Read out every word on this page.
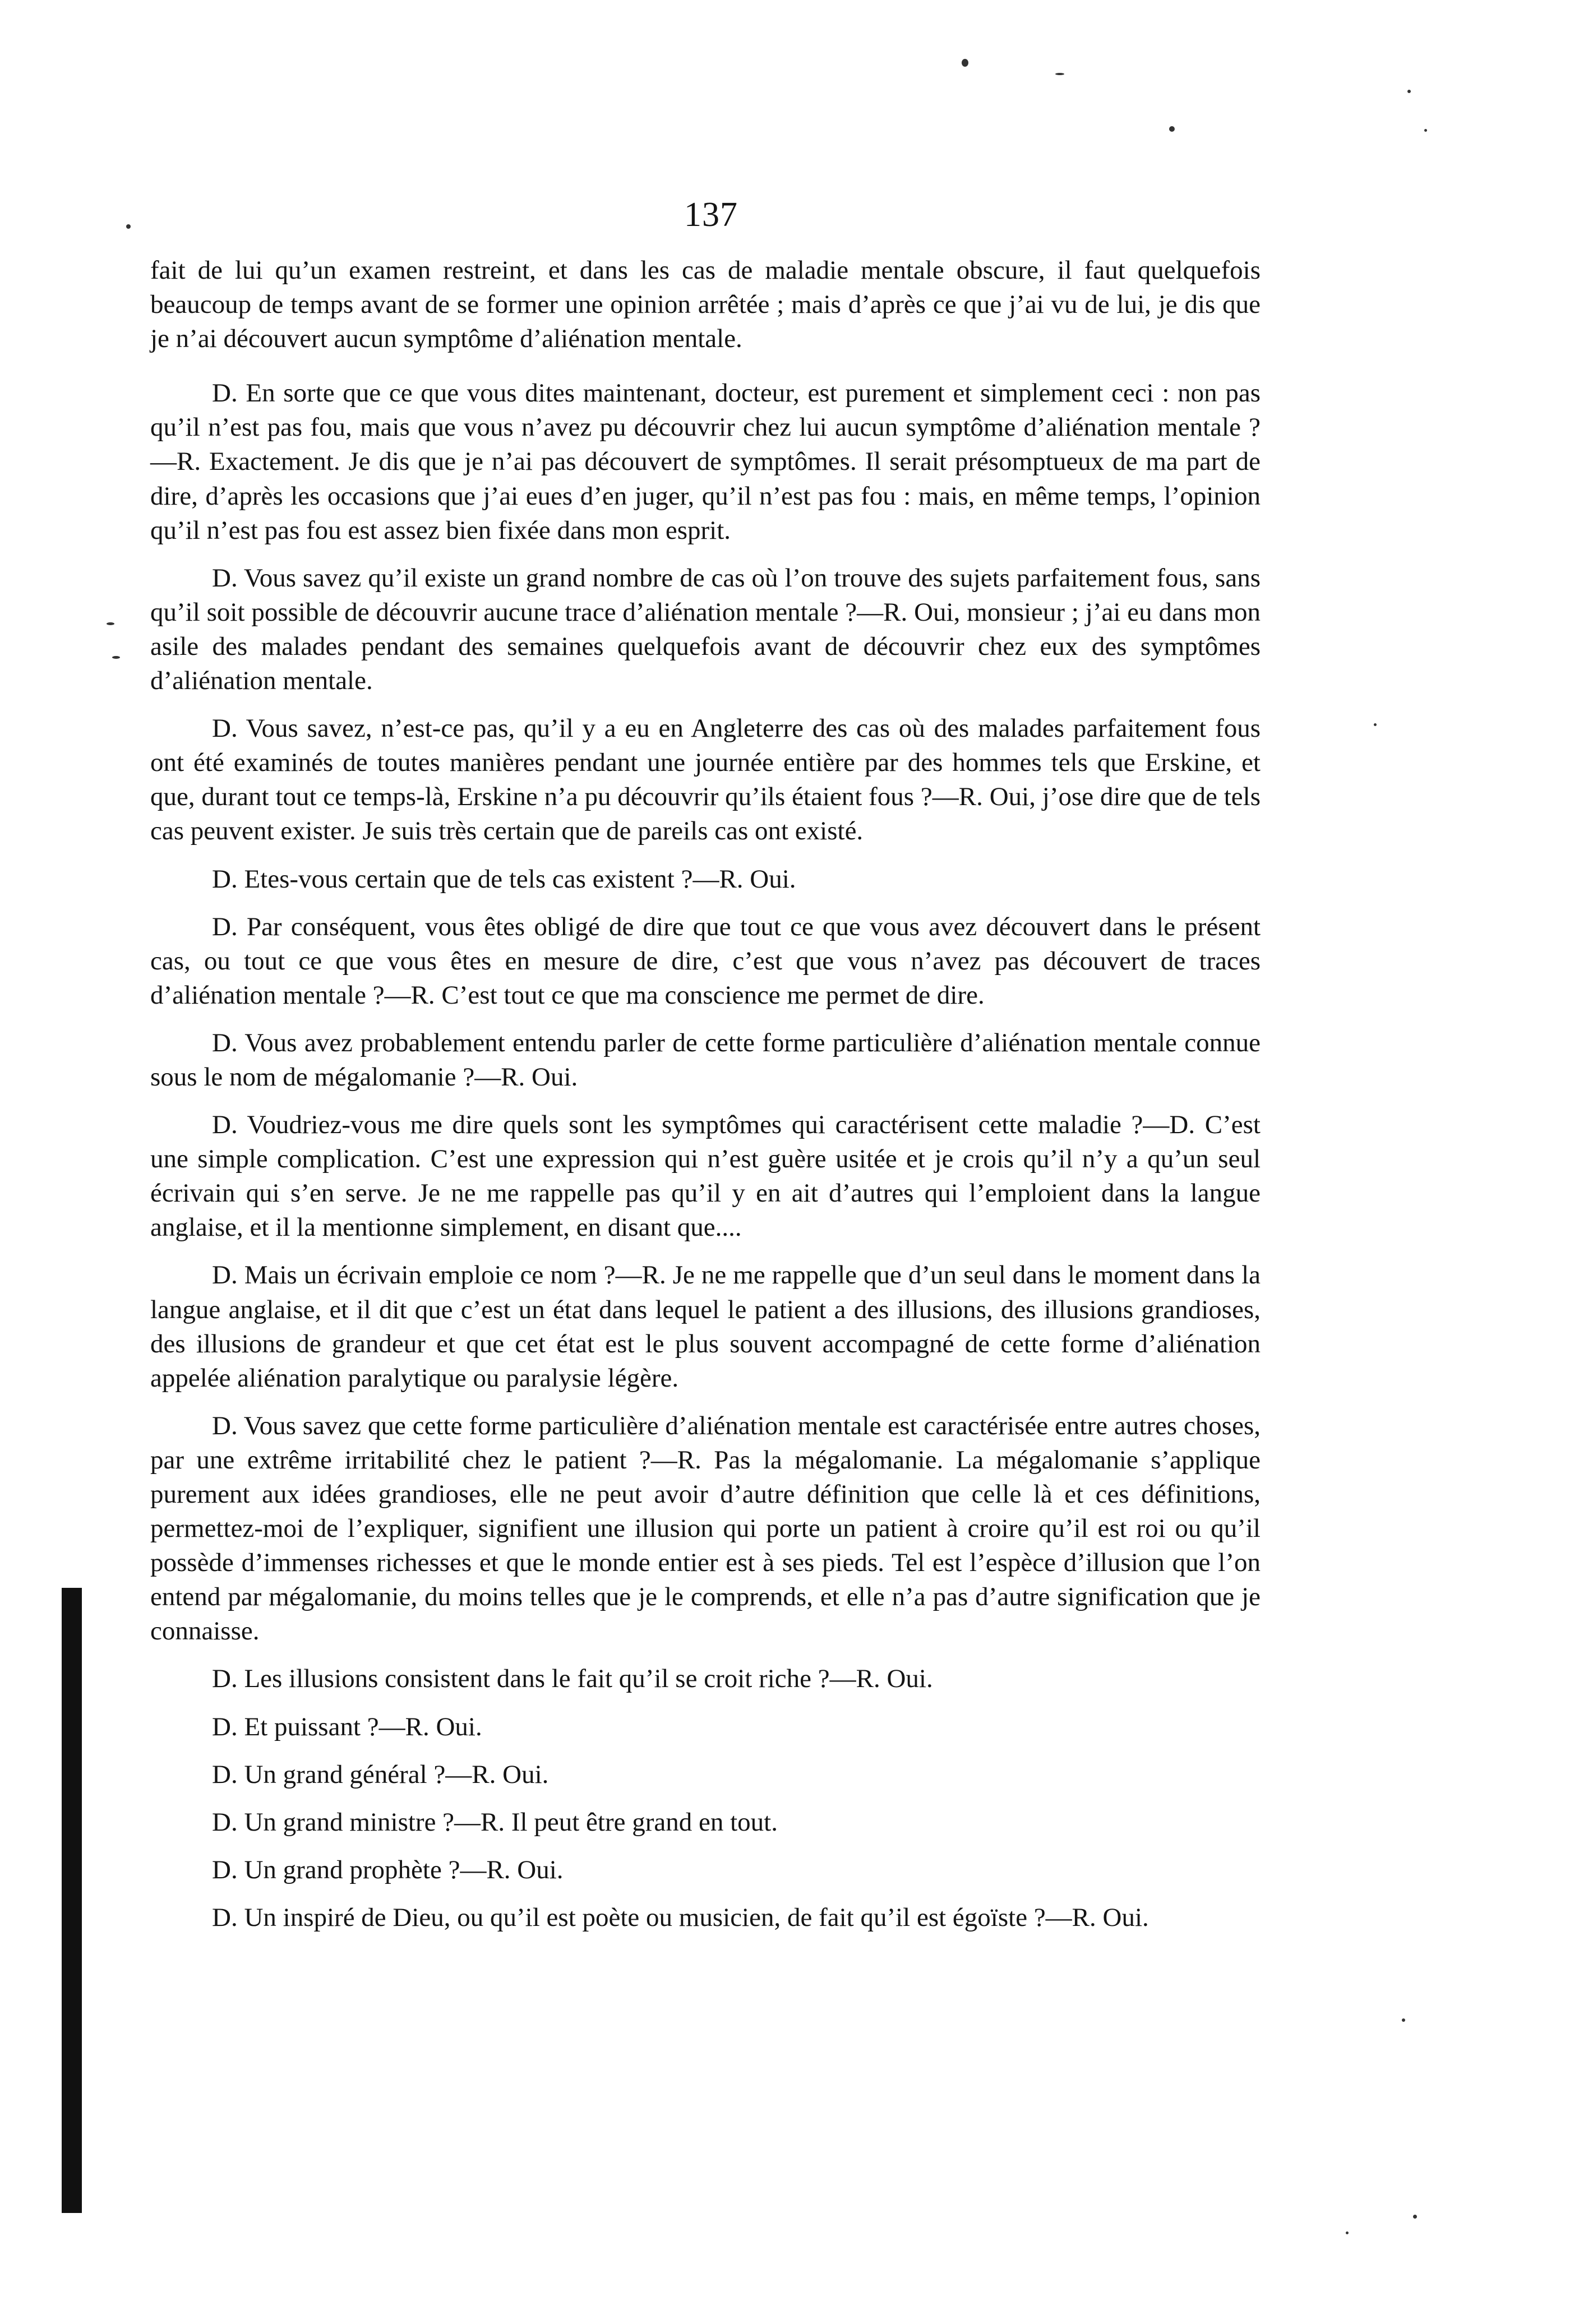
137

fait de lui qu’un examen restreint, et dans les cas de maladie mentale obscure, il faut quelquefois beaucoup de temps avant de se former une opinion arrêtée ; mais d’après ce que j’ai vu de lui, je dis que je n’ai découvert aucun symptôme d’aliénation mentale.

D. En sorte que ce que vous dites maintenant, docteur, est purement et simplement ceci : non pas qu’il n’est pas fou, mais que vous n’avez pu découvrir chez lui aucun symptôme d’aliénation mentale ?—R. Exactement. Je dis que je n’ai pas découvert de symptômes. Il serait présomptueux de ma part de dire, d’après les occasions que j’ai eues d’en juger, qu’il n’est pas fou : mais, en même temps, l’opinion qu’il n’est pas fou est assez bien fixée dans mon esprit.

D. Vous savez qu’il existe un grand nombre de cas où l’on trouve des sujets parfaitement fous, sans qu’il soit possible de découvrir aucune trace d’aliénation mentale ?—R. Oui, monsieur ; j’ai eu dans mon asile des malades pendant des semaines quelquefois avant de découvrir chez eux des symptômes d’aliénation mentale.

D. Vous savez, n’est-ce pas, qu’il y a eu en Angleterre des cas où des malades parfaitement fous ont été examinés de toutes manières pendant une journée entière par des hommes tels que Erskine, et que, durant tout ce temps-là, Erskine n’a pu découvrir qu’ils étaient fous ?—R. Oui, j’ose dire que de tels cas peuvent exister. Je suis très certain que de pareils cas ont existé.

D. Etes-vous certain que de tels cas existent ?—R. Oui.

D. Par conséquent, vous êtes obligé de dire que tout ce que vous avez découvert dans le présent cas, ou tout ce que vous êtes en mesure de dire, c’est que vous n’avez pas découvert de traces d’aliénation mentale ?—R. C’est tout ce que ma conscience me permet de dire.

D. Vous avez probablement entendu parler de cette forme particulière d’aliénation mentale connue sous le nom de mégalomanie ?—R. Oui.

D. Voudriez-vous me dire quels sont les symptômes qui caractérisent cette maladie ?—D. C’est une simple complication. C’est une expression qui n’est guère usitée et je crois qu’il n’y a qu’un seul écrivain qui s’en serve. Je ne me rappelle pas qu’il y en ait d’autres qui l’emploient dans la langue anglaise, et il la mentionne simplement, en disant que....

D. Mais un écrivain emploie ce nom ?—R. Je ne me rappelle que d’un seul dans le moment dans la langue anglaise, et il dit que c’est un état dans lequel le patient a des illusions, des illusions grandioses, des illusions de grandeur et que cet état est le plus souvent accompagné de cette forme d’aliénation appelée aliénation paralytique ou paralysie légère.

D. Vous savez que cette forme particulière d’aliénation mentale est caractérisée entre autres choses, par une extrême irritabilité chez le patient ?—R. Pas la mégalomanie. La mégalomanie s’applique purement aux idées grandioses, elle ne peut avoir d’autre définition que celle là et ces définitions, permettez-moi de l’expliquer, signifient une illusion qui porte un patient à croire qu’il est roi ou qu’il possède d’immenses richesses et que le monde entier est à ses pieds. Tel est l’espèce d’illusion que l’on entend par mégalomanie, du moins telles que je le comprends, et elle n’a pas d’autre signification que je connaisse.

D. Les illusions consistent dans le fait qu’il se croit riche ?—R. Oui.

D. Et puissant ?—R. Oui.

D. Un grand général ?—R. Oui.

D. Un grand ministre ?—R. Il peut être grand en tout.

D. Un grand prophète ?—R. Oui.

D. Un inspiré de Dieu, ou qu’il est poète ou musicien, de fait qu’il est égoïste ?—R. Oui.
